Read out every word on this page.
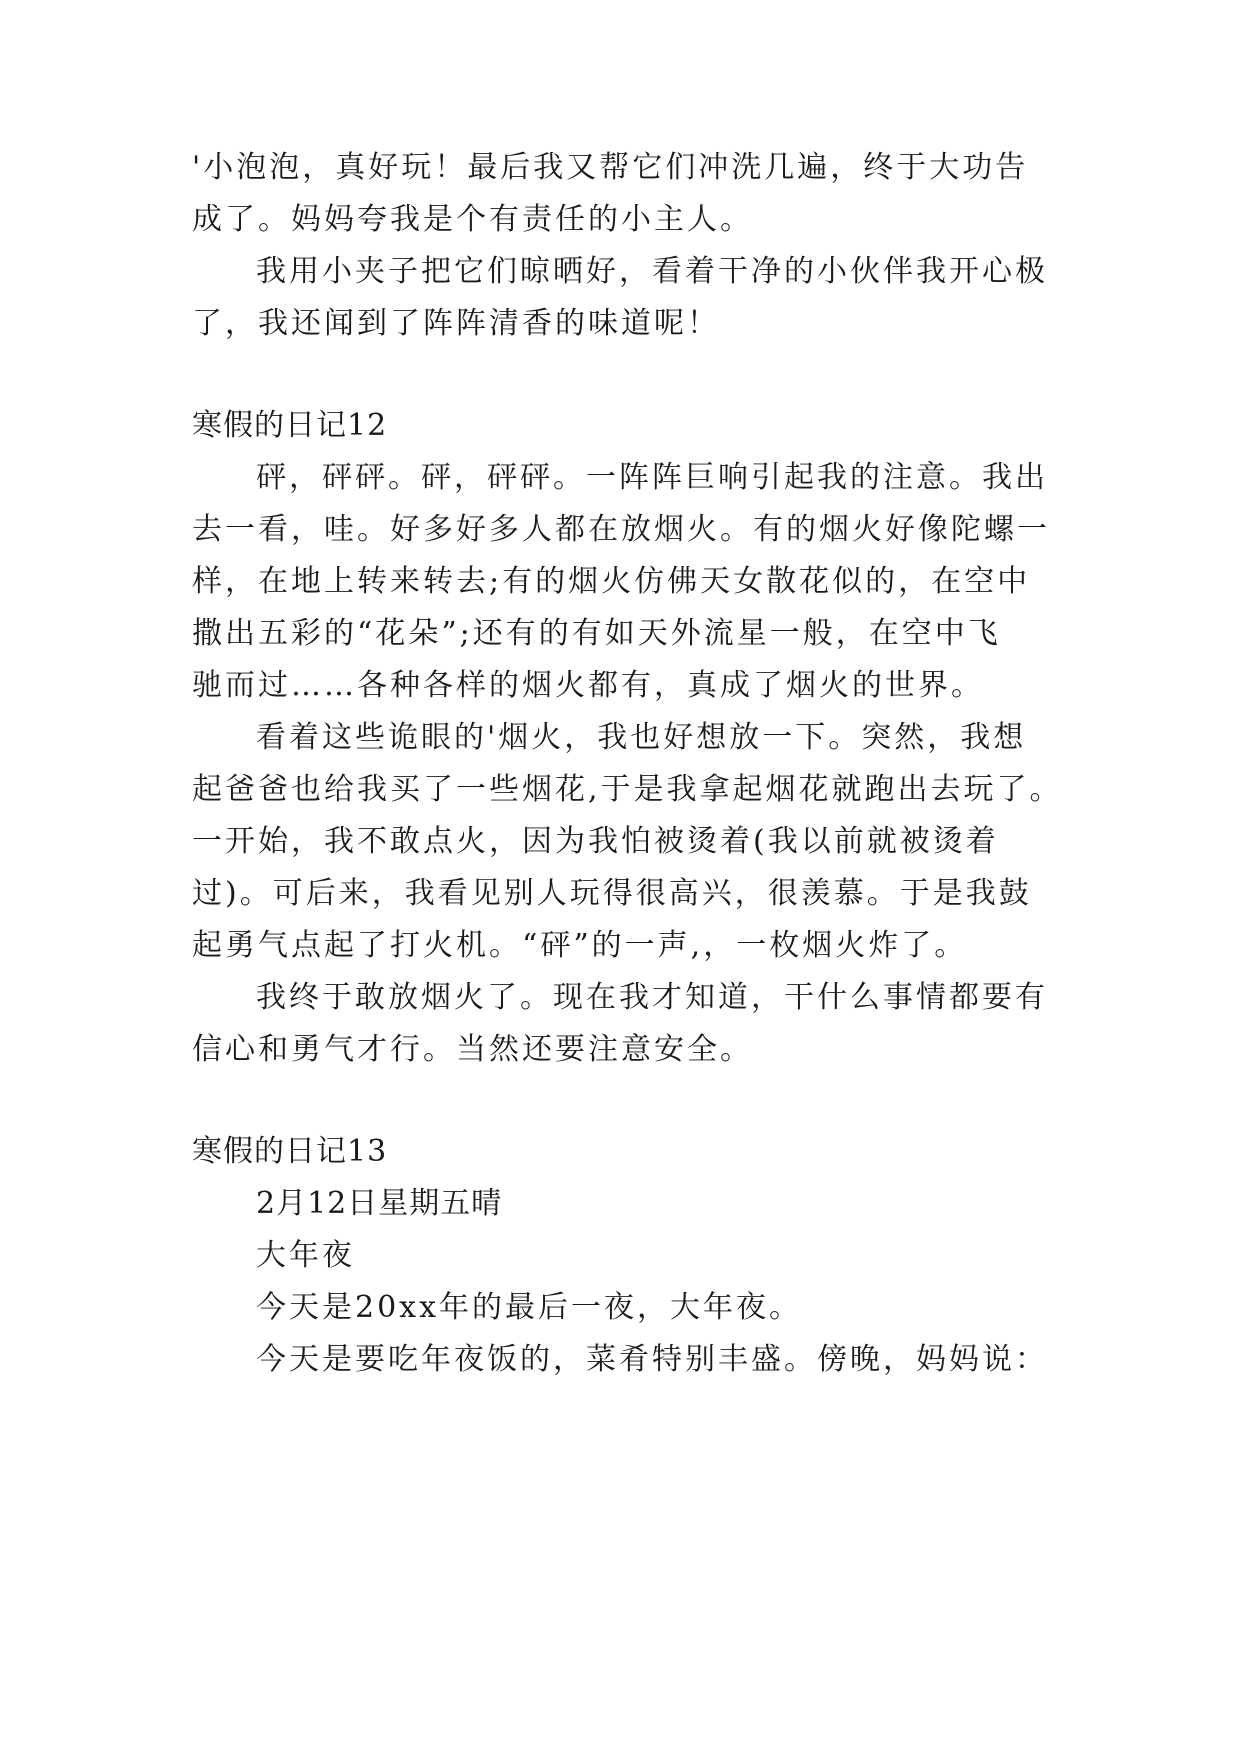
'小泡泡，真好玩！最后我又帮它们冲洗几遍，终于大功告
成了。妈妈夸我是个有责任的小主人。
我用小夹子把它们晾晒好，看着干净的小伙伴我开心极
了，我还闻到了阵阵清香的味道呢！
寒假的日记12
砰，砰砰。砰，砰砰。一阵阵巨响引起我的注意。我出
去一看，哇。好多好多人都在放烟火。有的烟火好像陀螺一
样，在地上转来转去;有的烟火仿佛天女散花似的，在空中
撒出五彩的“花朵”;还有的有如天外流星一般，在空中飞
驰而过……各种各样的烟火都有，真成了烟火的世界。
看着这些诡眼的'烟火，我也好想放一下。突然，我想
起爸爸也给我买了一些烟花,于是我拿起烟花就跑出去玩了。
一开始，我不敢点火，因为我怕被烫着(我以前就被烫着
过)。可后来，我看见别人玩得很高兴，很羡慕。于是我鼓
起勇气点起了打火机。“砰”的一声,，一枚烟火炸了。
我终于敢放烟火了。现在我才知道，干什么事情都要有
信心和勇气才行。当然还要注意安全。
寒假的日记13
2月12日星期五晴
大年夜
今天是20xx年的最后一夜，大年夜。
今天是要吃年夜饭的，菜肴特别丰盛。傍晚，妈妈说：
